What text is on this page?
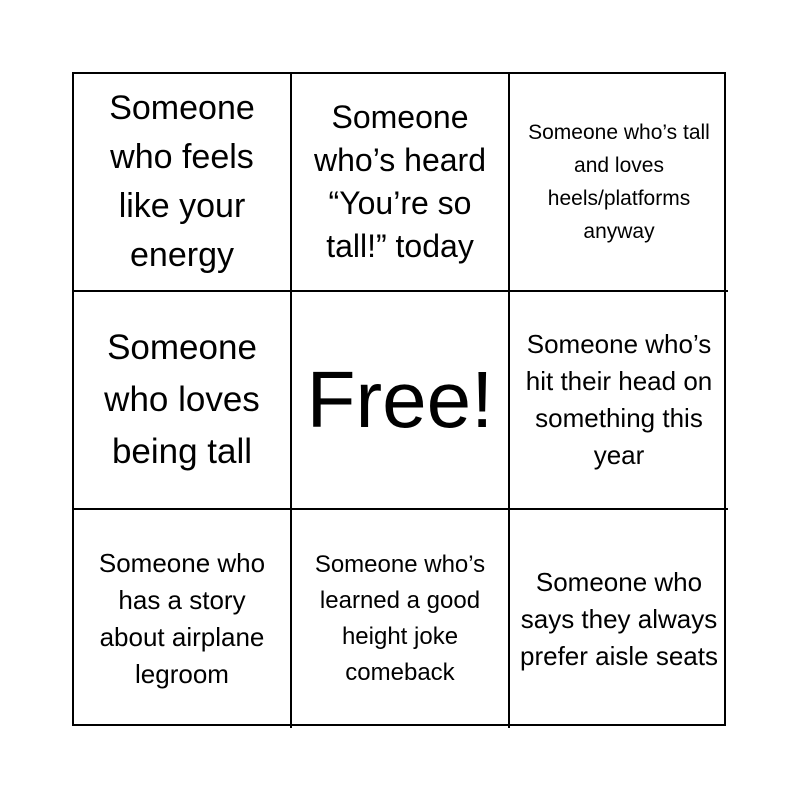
Someone who feels like your energy
Someone who’s heard “You’re so tall!” today
Someone who’s tall and loves heels/platforms anyway
Someone who loves being tall
Free!
Someone who’s hit their head on something this year
Someone who has a story about airplane legroom
Someone who’s learned a good height joke comeback
Someone who says they always prefer aisle seats
